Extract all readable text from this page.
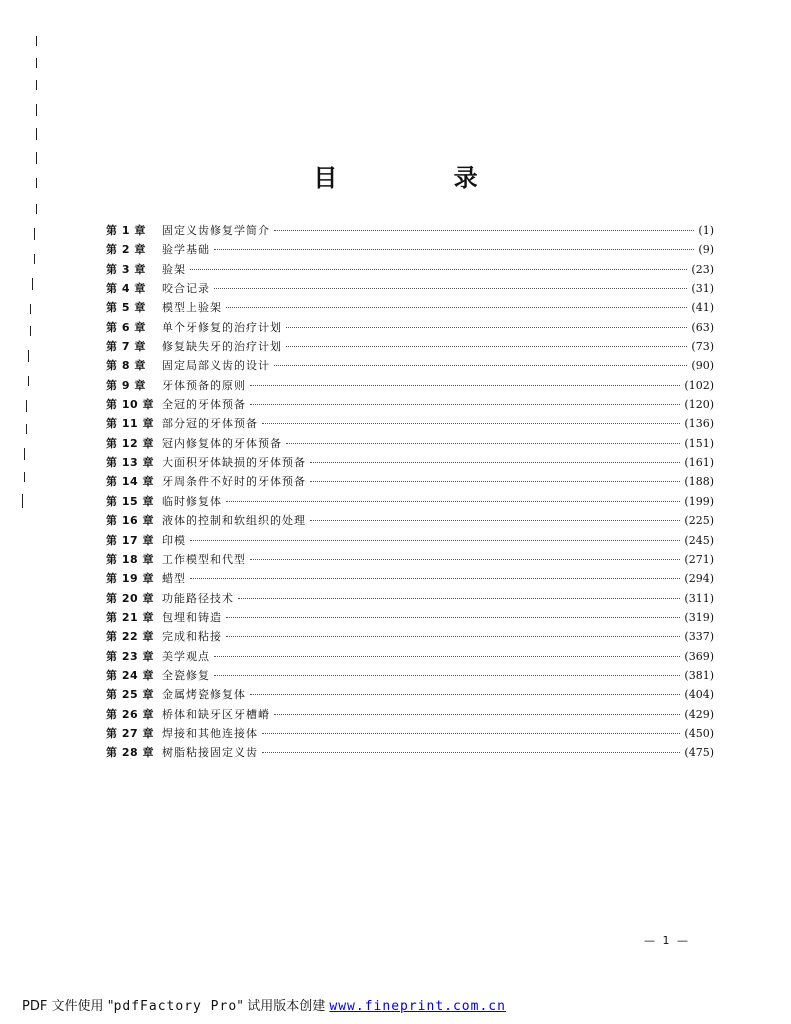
目 录
第 1 章	固定义齿修复学简介	(1)
第 2 章	验学基础	(9)
第 3 章	验架	(23)
第 4 章	咬合记录	(31)
第 5 章	模型上验架	(41)
第 6 章	单个牙修复的治疗计划	(63)
第 7 章	修复缺失牙的治疗计划	(73)
第 8 章	固定局部义齿的设计	(90)
第 9 章	牙体预备的原则	(102)
第 10 章 全冠的牙体预备	(120)
第 11 章 部分冠的牙体预备	(136)
第 12 章 冠内修复体的牙体预备	(151)
第 13 章 大面积牙体缺损的牙体预备	(161)
第 14 章 牙周条件不好时的牙体预备	(188)
第 15 章 临时修复体	(199)
第 16 章 液体的控制和软组织的处理	(225)
第 17 章 印模	(245)
第 18 章 工作模型和代型	(271)
第 19 章 蜡型	(294)
第 20 章 功能路径技术	(311)
第 21 章 包埋和铸造	(319)
第 22 章 完成和粘接	(337)
第 23 章 美学观点	(369)
第 24 章 全瓷修复	(381)
第 25 章 金属烤瓷修复体	(404)
第 26 章 桥体和缺牙区牙槽嵴	(429)
第 27 章 焊接和其他连接体	(450)
第 28 章 树脂粘接固定义齿	(475)
— 1 —
PDF 文件使用 "pdfFactory Pro" 试用版本创建 www.fineprint.com.cn
